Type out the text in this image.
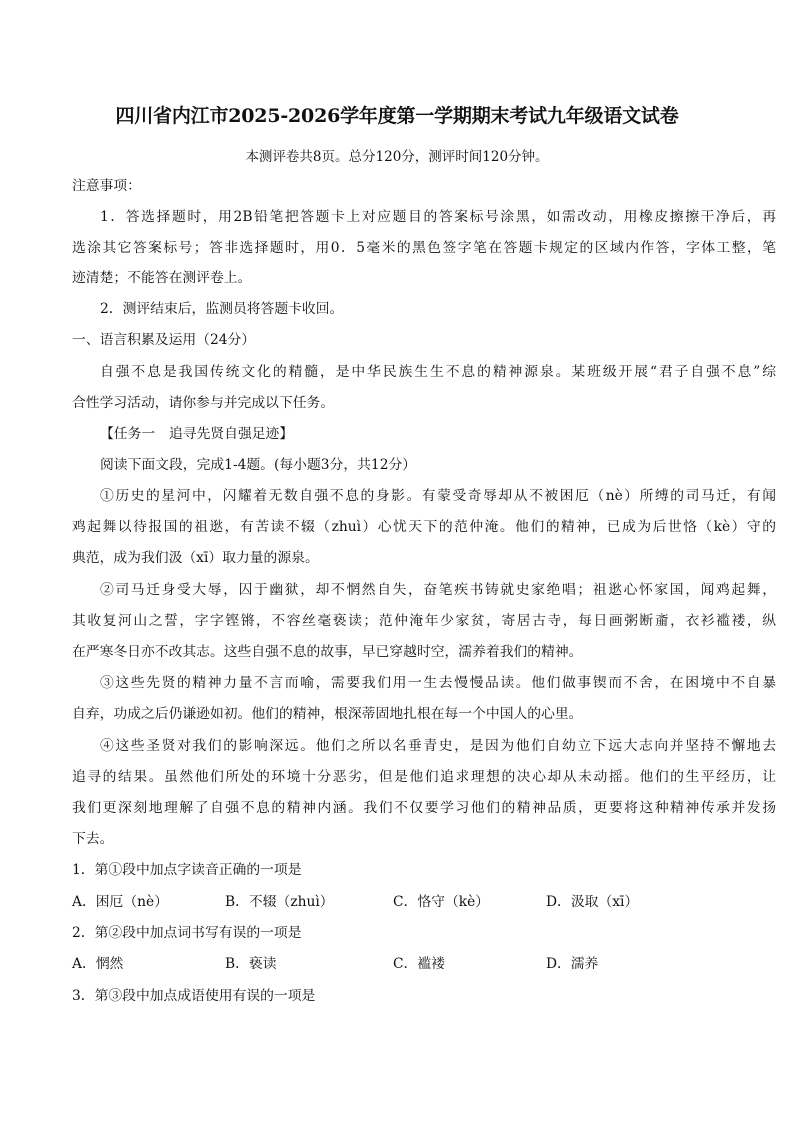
四川省内江市2025-2026学年度第一学期期末考试九年级语文试卷
本测评卷共8页。总分120分，测评时间120分钟。
注意事项：
1．答选择题时，用2B铅笔把答题卡上对应题目的答案标号涂黑，如需改动，用橡皮擦擦干净后，再
选涂其它答案标号；答非选择题时，用0．5毫米的黑色签字笔在答题卡规定的区域内作答，字体工整，笔
迹清楚；不能答在测评卷上。
2．测评结束后，监测员将答题卡收回。
一、语言积累及运用（24分）
自强不息是我国传统文化的精髓，是中华民族生生不息的精神源泉。某班级开展“君子自强不息”综
合性学习活动，请你参与并完成以下任务。
【任务一　追寻先贤自强足迹】
阅读下面文段，完成1-4题。(每小题3分，共12分）
①历史的星河中，闪耀着无数自强不息的身影。有蒙受奇辱却从不被困厄（nè）所缚的司马迁，有闻
鸡起舞以待报国的祖逖，有苦读不辍（zhuì）心忧天下的范仲淹。他们的精神，已成为后世恪（kè）守的
典范，成为我们汲（xī）取力量的源泉。
②司马迁身受大辱，囚于幽狱，却不惘然自失，奋笔疾书铸就史家绝唱；祖逖心怀家国，闻鸡起舞，
其收复河山之誓，字字铿锵，不容丝毫亵读；范仲淹年少家贫，寄居古寺，每日画粥断齑，衣衫褴褛，纵
在严寒冬日亦不改其志。这些自强不息的故事，早已穿越时空，濡养着我们的精神。
③这些先贤的精神力量不言而喻，需要我们用一生去慢慢品读。他们做事锲而不舍，在困境中不自暴
自弃，功成之后仍谦逊如初。他们的精神，根深蒂固地扎根在每一个中国人的心里。
④这些圣贤对我们的影响深远。他们之所以名垂青史，是因为他们自幼立下远大志向并坚持不懈地去
追寻的结果。虽然他们所处的环境十分恶劣，但是他们追求理想的决心却从未动摇。他们的生平经历，让
我们更深刻地理解了自强不息的精神内涵。我们不仅要学习他们的精神品质，更要将这种精神传承并发扬
下去。
1．第①段中加点字读音正确的一项是
A．困厄（nè）	B．不辍（zhuì）	C．恪守（kè）	D．汲取（xī）
2．第②段中加点词书写有误的一项是
A．惘然	B．亵读	C．褴褛	D．濡养
3．第③段中加点成语使用有误的一项是
